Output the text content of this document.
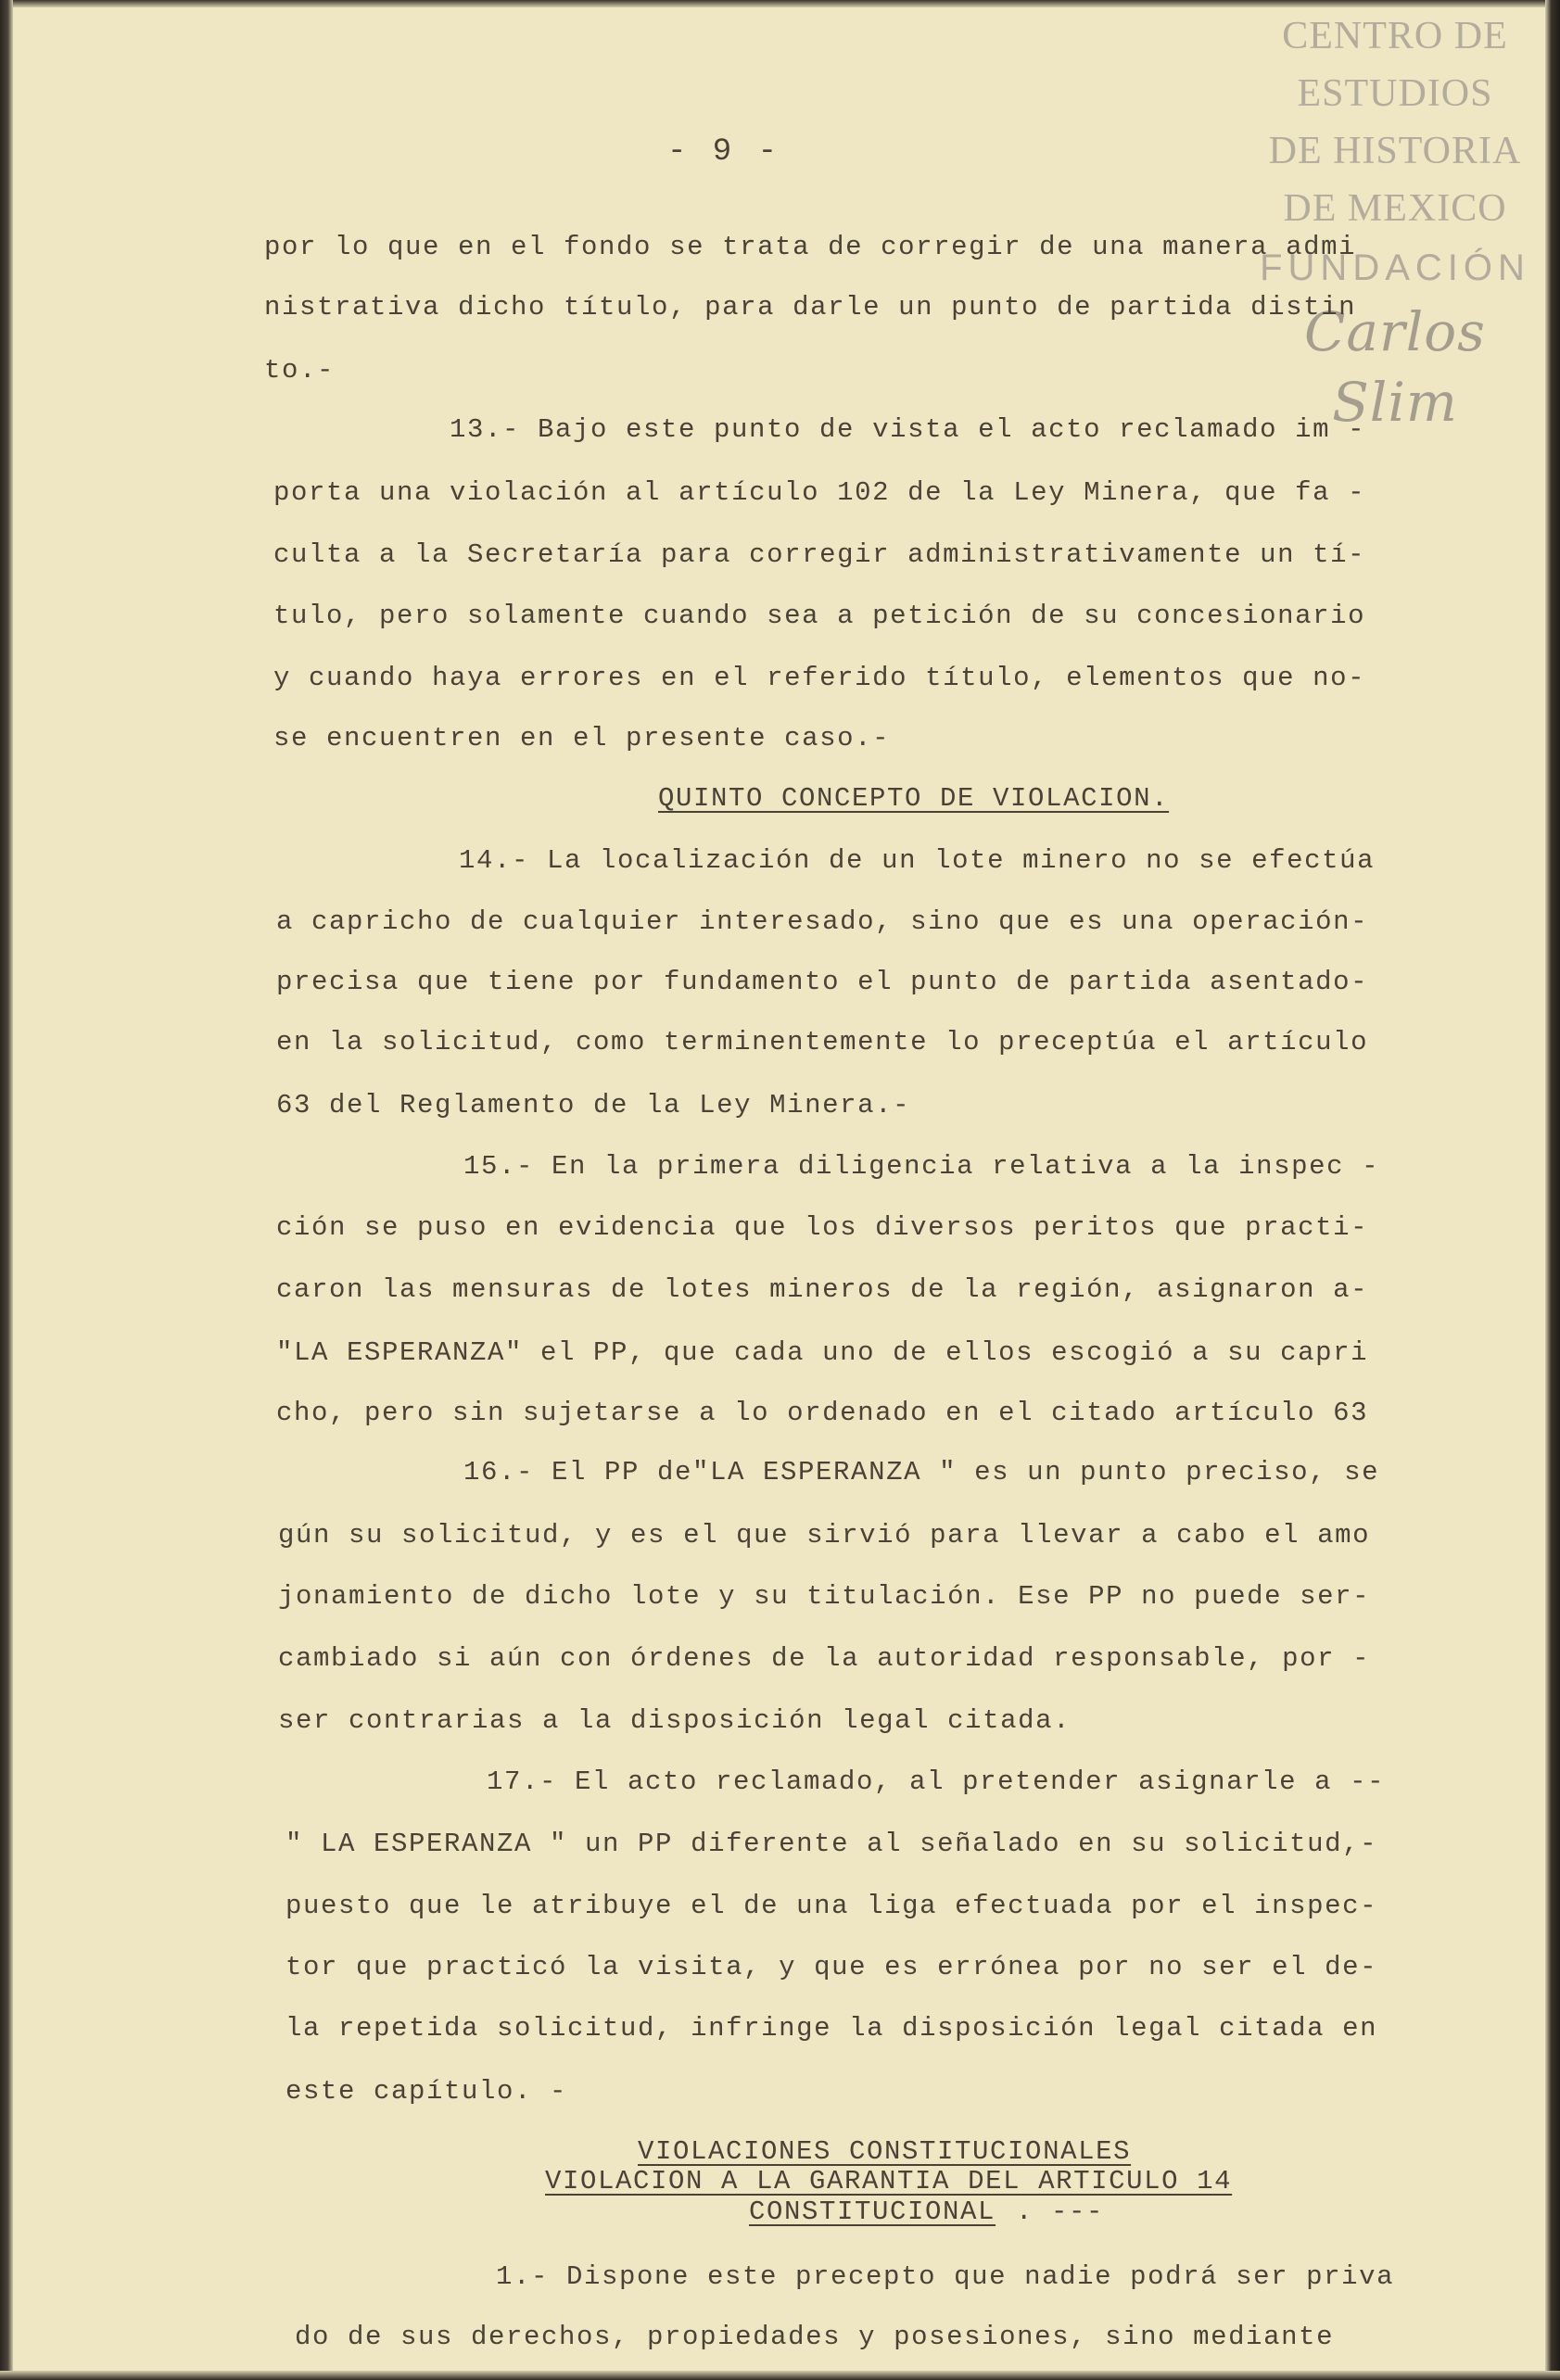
CENTRO DE
ESTUDIOS
DE HISTORIA
DE MEXICO
FUNDACIÓN
Carlos Slim
- 9 -
por lo que en el fondo se trata de corregir de una manera admi
nistrativa dicho título, para darle un punto de partida distin
to.-
13.- Bajo este punto de vista el acto reclamado im -
porta una violación al artículo 102 de la Ley Minera, que fa -
culta a la Secretaría para corregir administrativamente un tí-
tulo, pero solamente cuando sea a petición de su concesionario
y cuando haya errores en el referido título, elementos que no-
se encuentren en el presente caso.-
QUINTO CONCEPTO DE VIOLACION.
14.- La localización de un lote minero no se efectúa
a capricho de cualquier interesado, sino que es una operación-
precisa que tiene por fundamento el punto de partida asentado-
en la solicitud, como terminentemente lo preceptúa el artículo
63 del Reglamento de la Ley Minera.-
15.- En la primera diligencia relativa a la inspec -
ción se puso en evidencia que los diversos peritos que practi-
caron las mensuras de lotes mineros de la región, asignaron a-
"LA ESPERANZA" el PP, que cada uno de ellos escogió a su capri
cho, pero sin sujetarse a lo ordenado en el citado artículo 63
16.- El PP de"LA ESPERANZA " es un punto preciso, se
gún su solicitud, y es el que sirvió para llevar a cabo el amo
jonamiento de dicho lote y su titulación. Ese PP no puede ser-
cambiado si aún con órdenes de la autoridad responsable, por -
ser contrarias a la disposición legal citada.
17.- El acto reclamado, al pretender asignarle a --
" LA ESPERANZA " un PP diferente al señalado en su solicitud,-
puesto que le atribuye el de una liga efectuada por el inspec-
tor que practicó la visita, y que es errónea por no ser el de-
la repetida solicitud, infringe la disposición legal citada en
este capítulo. -
VIOLACIONES CONSTITUCIONALES
VIOLACION A LA GARANTIA DEL ARTICULO 14
CONSTITUCIONAL . ---
1.- Dispone este precepto que nadie podrá ser priva
do de sus derechos, propiedades y posesiones, sino mediante
